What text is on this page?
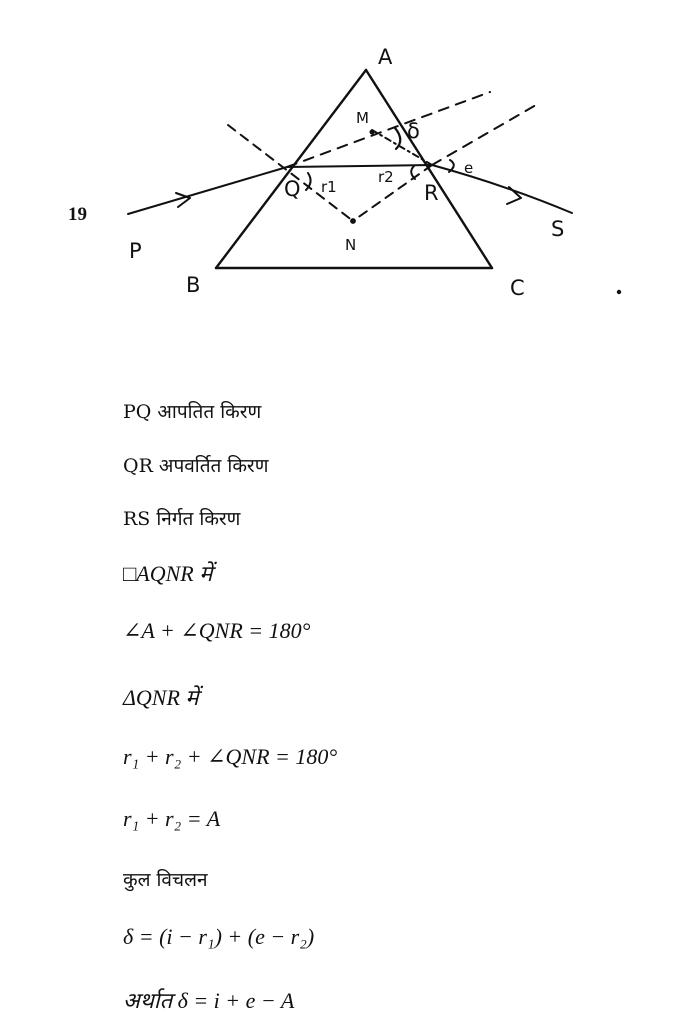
19
A
B	C
M
N
P
Q	R
S
r1
r2
δ
e
PQ आपतित किरण
QR अपवर्तित किरण
RS निर्गत किरण
□AQNR में
∠A + ∠QNR = 180°
ΔQNR में
r₁ + r₂ + ∠QNR = 180°
r₁ + r₂ = A
कुल विचलन
δ = (i − r₁) + (e − r₂)
अर्थात δ = i + e − A
